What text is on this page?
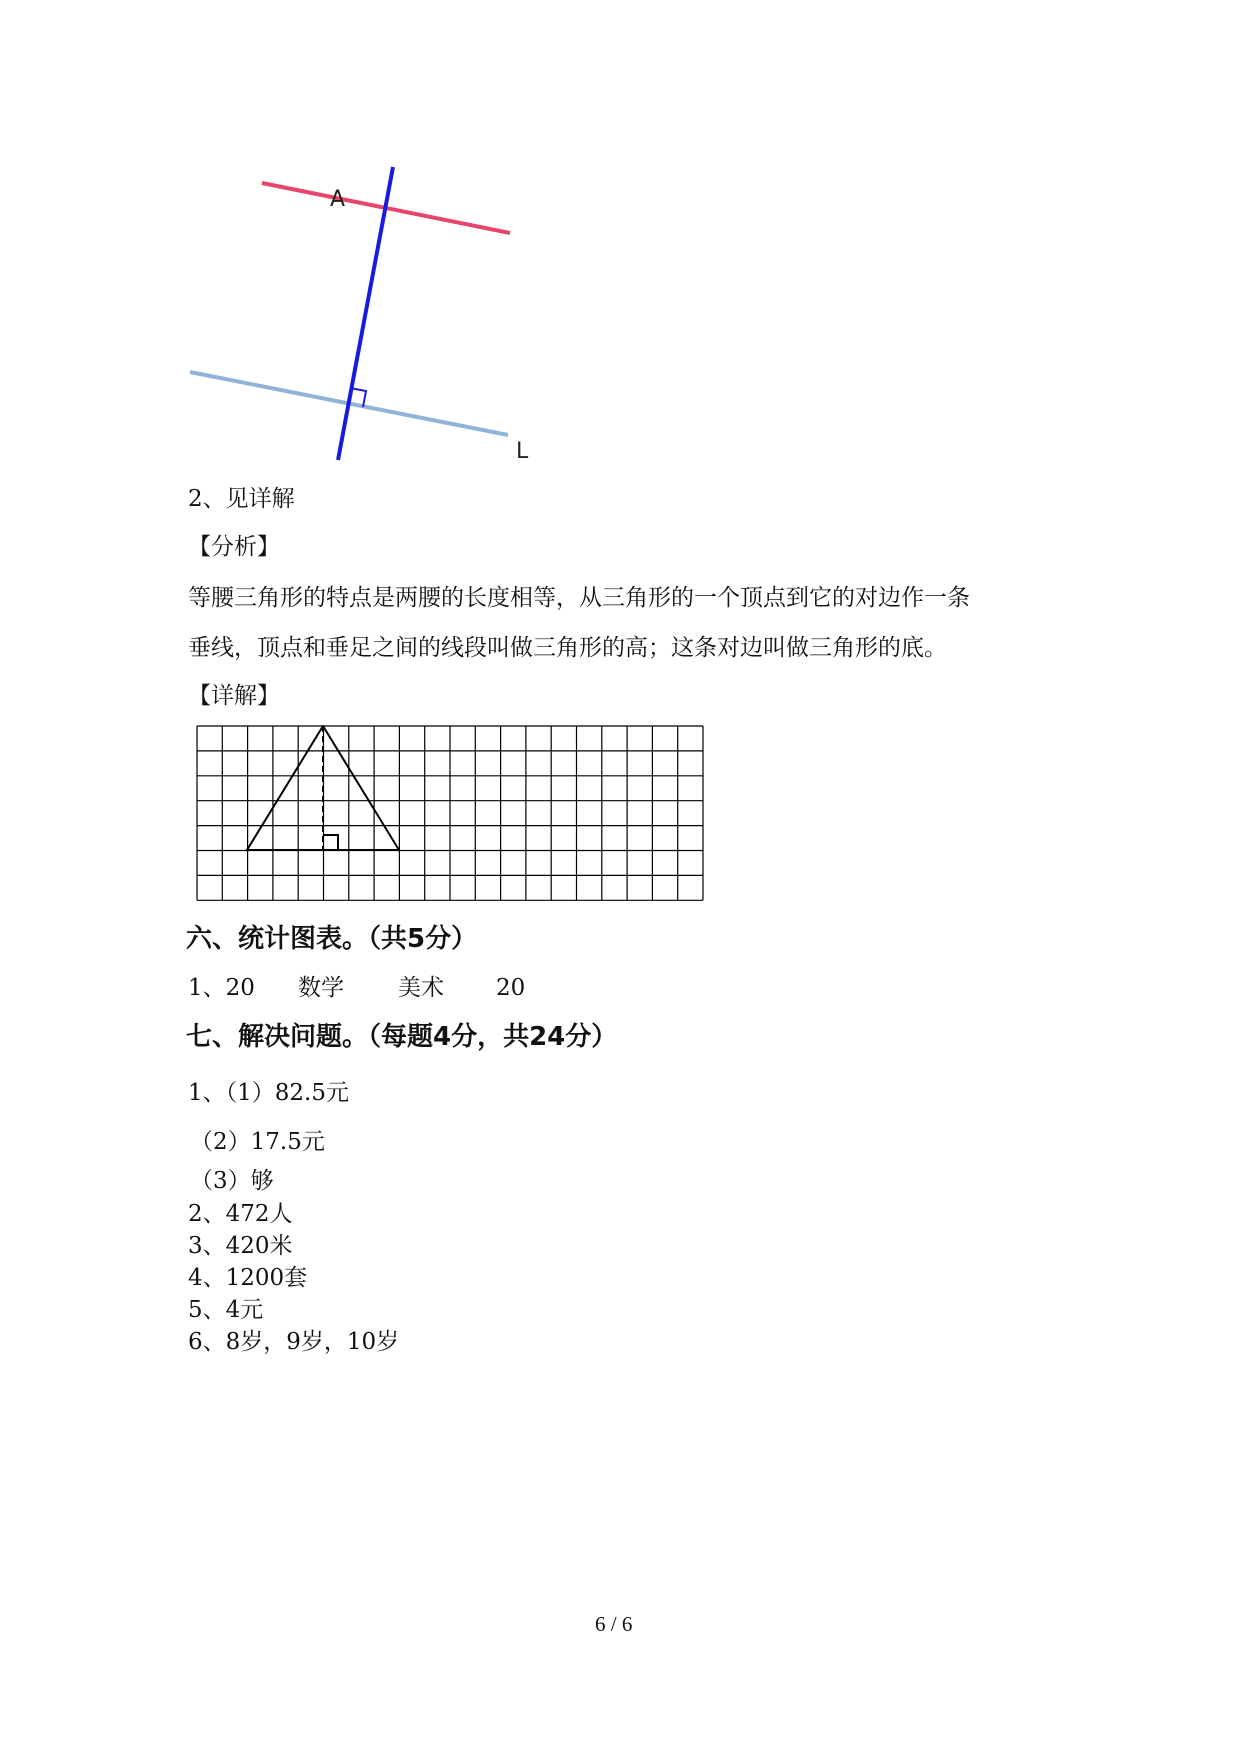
A
L
2、见详解
【分析】
等腰三角形的特点是两腰的长度相等，从三角形的一个顶点到它的对边作一条
垂线，顶点和垂足之间的线段叫做三角形的高；这条对边叫做三角形的底。
【详解】
六、统计图表。（共5分）
1、20 数学 美术 20
七、解决问题。（每题4分，共24分）
1、（1）82.5元
（2）17.5元
（3）够
2、472人
3、420米
4、1200套
5、4元
6、8岁，9岁，10岁
6 / 6
